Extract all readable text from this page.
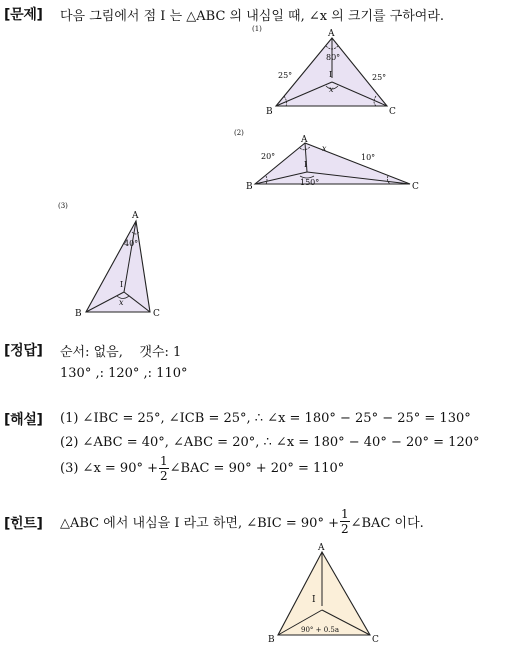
[문제] 다음 그림에서 점 I 는 △ABC 의 내심일 때, ∠x 의 크기를 구하여라.
(1)	A
B	C
I
80°
25°	25°
x
(2)
A
B	C
I
20°	10°
150°
x
(3)
A
B	C
I
40°
x
[정답] 순서: 없음,    갯수: 1
130° ,: 120° ,: 110°
[해설] (1) ∠IBC = 25°, ∠ICB = 25°, ∴ ∠x = 180° − 25° − 25° = 130°
(2) ∠ABC = 40°, ∠ABC = 20°, ∴ ∠x = 180° − 40° − 20° = 120°
(3) ∠x = $90^\circ + \frac{1}{2}$ ∠BAC = 90° + 20° = 110°
[힌트] △ABC 에서 내심을 I 라고 하면, ∠BIC = $90^\circ + \frac{1}{2}$ ∠BAC 이다.
A
B	C
I
90° + 0.5a
